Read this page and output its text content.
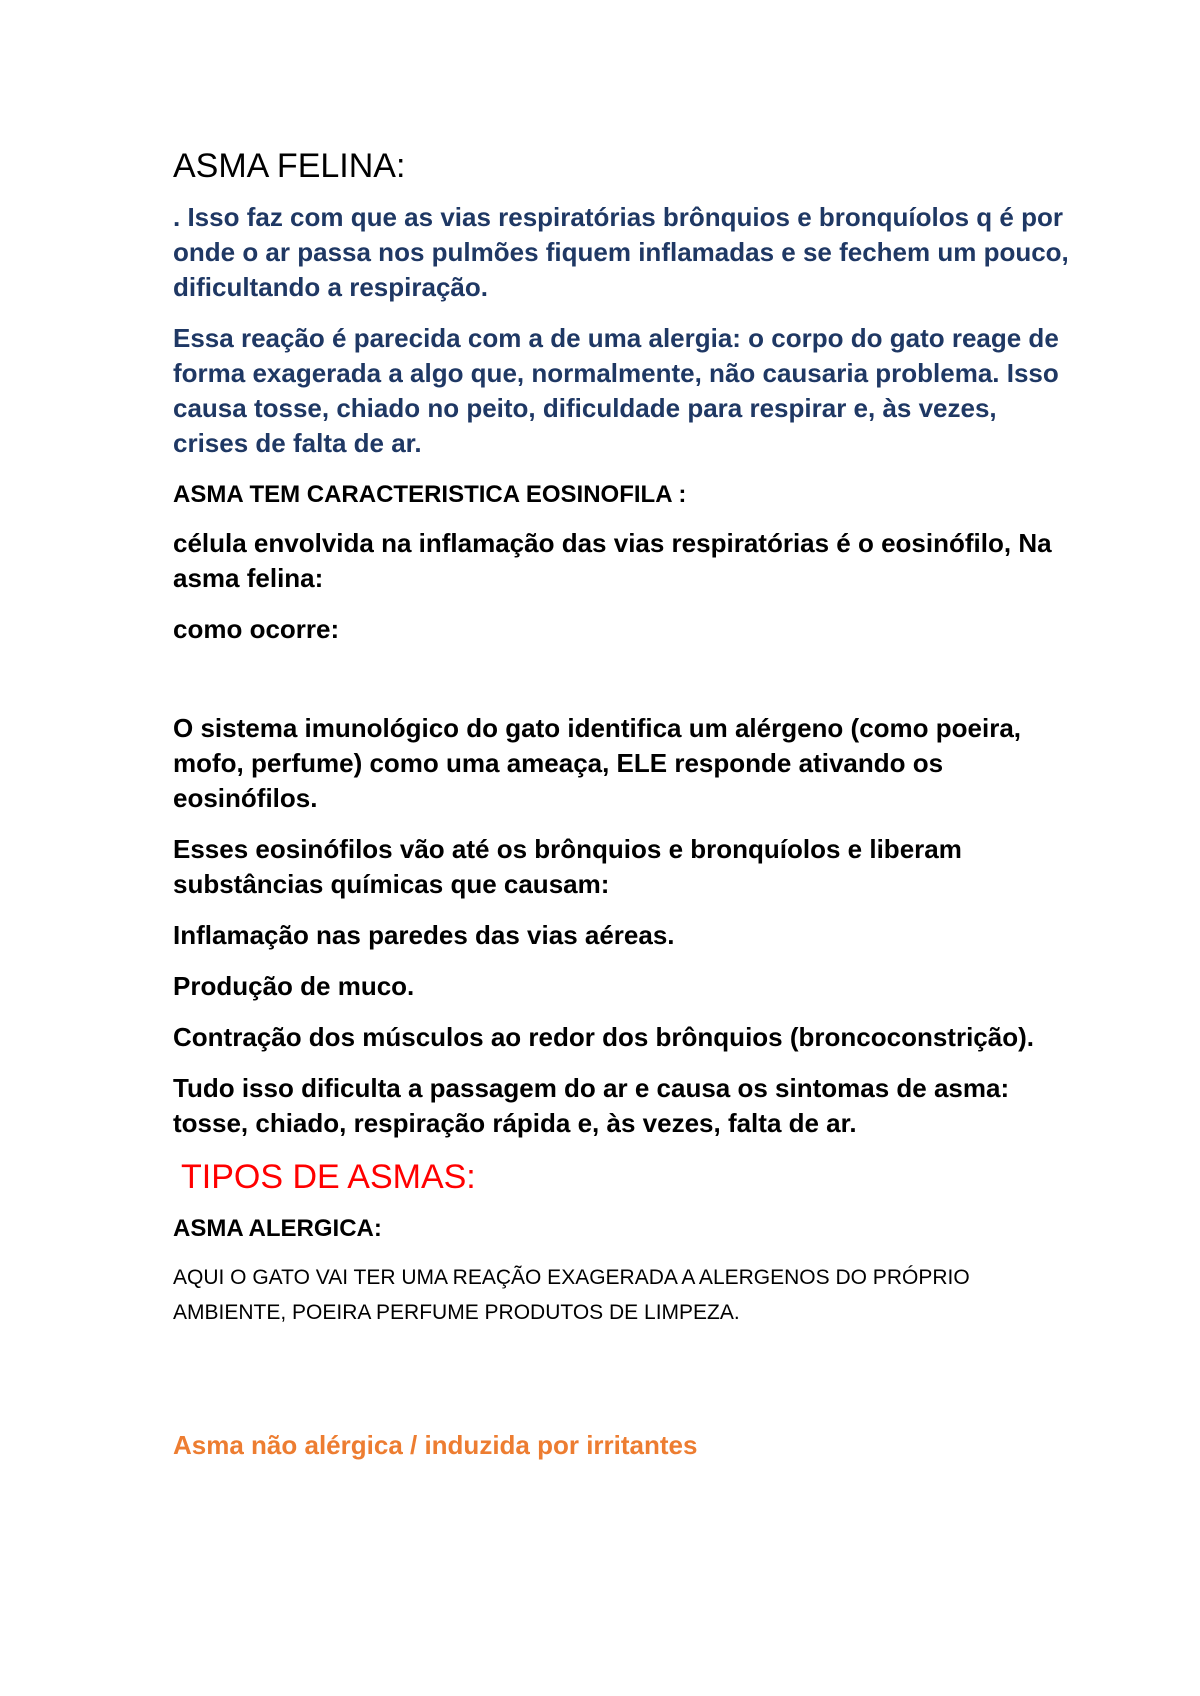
ASMA FELINA:
. Isso faz com que as vias respiratórias brônquios e bronquíolos q é por onde o ar passa nos pulmões fiquem inflamadas e se fechem um pouco, dificultando a respiração.
Essa reação é parecida com a de uma alergia: o corpo do gato reage de forma exagerada a algo que, normalmente, não causaria problema. Isso causa tosse, chiado no peito, dificuldade para respirar e, às vezes, crises de falta de ar.
ASMA TEM CARACTERISTICA EOSINOFILA :
célula envolvida na inflamação das vias respiratórias é o eosinófilo, Na asma felina:
como ocorre:
O sistema imunológico do gato identifica um alérgeno (como poeira, mofo, perfume) como uma ameaça, ELE responde ativando os eosinófilos.
Esses eosinófilos vão até os brônquios e bronquíolos e liberam substâncias químicas que causam:
Inflamação nas paredes das vias aéreas.
Produção de muco.
Contração dos músculos ao redor dos brônquios (broncoconstrição).
Tudo isso dificulta a passagem do ar e causa os sintomas de asma: tosse, chiado, respiração rápida e, às vezes, falta de ar.
TIPOS DE ASMAS:
ASMA ALERGICA:
AQUI O GATO VAI TER UMA REAÇÃO EXAGERADA A ALERGENOS DO PRÓPRIO AMBIENTE, POEIRA PERFUME PRODUTOS DE LIMPEZA.
Asma não alérgica / induzida por irritantes
